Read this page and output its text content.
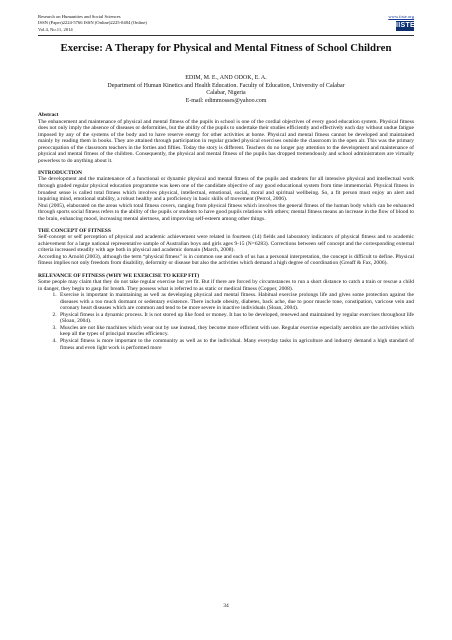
Research on Humanities and Social Sciences
ISSN (Paper)2224-5766 ISSN (Online)2225-0484 (Online)
Vol.4, No.11, 2014
www.iiste.org
IISTE
Exercise: A Therapy for Physical and Mental Fitness of School Children
EDIM, M. E., AND ODOK, E. A.
Department of Human Kinetics and Health Education. Faculty of Education, University of Calabar
Calabar, Nigeria
E-mail: edimmosses@yahoo.com

Abstract

The enhancement and maintenance of physical and mental fitness of the pupils in school is one of the cordial objectives of every good education system. Physical fitness does not only imply the absence of diseases or deformities, but the ability of the pupils to undertake their studies efficiently and effectively each day without undue fatigue imposed by any of the systems of the body and to have reserve energy for other activities at home. Physical and mental fitness cannot be developed and maintained mainly by reading them in books. They are attained through participation in regular graded physical exercises outside the classroom in the open air. This was the primary preoccupation of the classroom teachers in the forties and fifties. Today the story is different. Teachers do no longer pay attention to the development and maintenance of physical and mental fitness of the children. Consequently, the physical and mental fitness of the pupils has dropped tremendously and school administrators are virtually powerless to do anything about it.

INTRODUCTION

The development and the maintenance of a functional or dynamic physical and mental fitness of the pupils and students for all intensive physical and intellectual work through graded regular physical education programme was keen one of the candidate objective of any good educational system from time immemorial. Physical fitness in broadest sense is called total fitness which involves physical, intellectual, emotional, social, moral and spiritual wellbeing. So, a fit person must enjoy an alert and inquiring mind, emotional stability, a robust healthy and a proficiency in basic skills of movement (Perrol, 2006).

Ntui (2005), elaborated on the areas which total fitness covers, ranging from physical fitness which involves the general fitness of the human body which can be enhanced through sports social fitness refers to the ability of the pupils or students to have good pupils relations with others; mental fitness means an increase in the flow of blood to the brain, enhancing mood, increasing mental alertness, and improving self-esteem among other things.

THE CONCEPT OF FITNESS

Self-concept or self perception of physical and academic achievement were related in fourteen (14) fields and laboratory indicators of physical fitness and to academic achievement for a large national representative sample of Australian boys and girls ages 9-15 (N=6283). Corrections between self concept and the corresponding external criteria increased steadily with age both in physical and academic domain (March, 2008).

According to Arnold (2003), although the term “physical fitness” is in common use and each of us has a personal interpretation, the concept is difficult to define. Physical fitness implies not only freedom from disability, deformity or disease but also the activities which demand a high degree of coordination (Greaff & Fax, 2006).

RELEVANCE OF FITNESS (WHY WE EXERCISE TO KEEP FIT)

Some people may claim that they do not take regular exercise but yet fit. But if there are forced by circumstances to run a short distance to catch a train or rescue a child in danger, they begin to gasp for breath. They possess what is referred to as static or medical fitness (Copper, 2008).

1. Exercise is important in maintaining as well as developing physical and mental fitness. Habitual exercise prolongs life and gives some protection against the diseases with a too much dormant or sedentary existence. There include obesity, diabetes, back ache, due to poor muscle tone, constipation, varicose vein and coronary heart diseases which are common and tend to be more severe in inactive individuals (Sloan, 2004).
2. Physical fitness is a dynamic process. It is not stored up like food or money. It has to be developed, renewed and maintained by regular exercises throughout life (Sloan, 2004).
3. Muscles are not like machines which wear out by use instead, they become more efficient with use. Regular exercise especially aerobics are the activities which keep all the types of principal muscles efficiency.
4. Physical fitness is more important to the community as well as to the individual. Many everyday tasks in agriculture and industry demand a high standard of fitness and even light work is performed more
34
